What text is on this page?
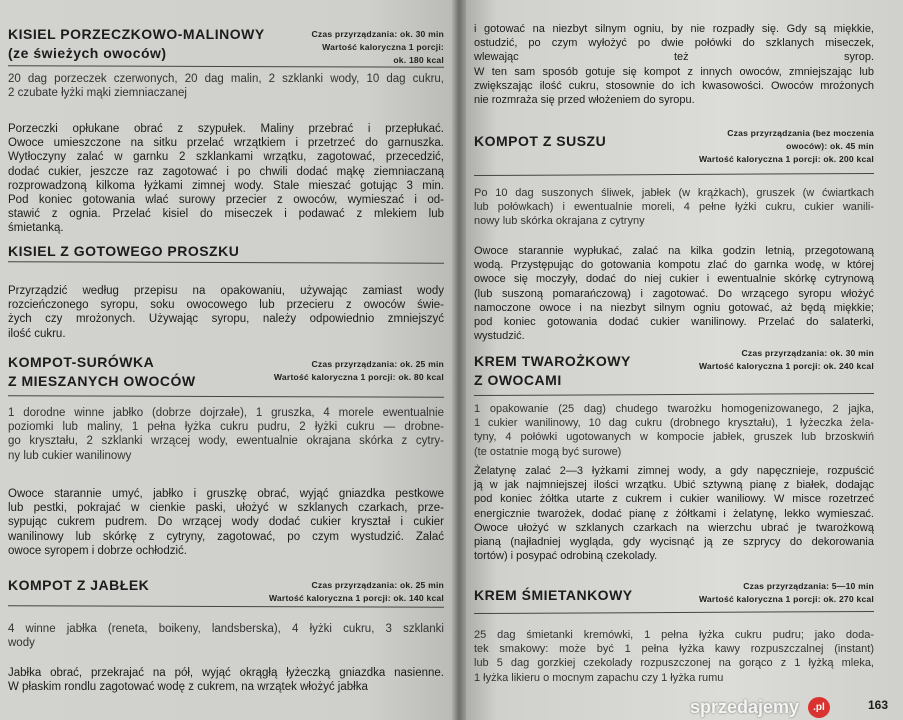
KISIEL PORZECZKOWO-MALINOWY
(ze świeżych owoców)
Czas przyrządzania: ok. 30 min
Wartość kaloryczna 1 porcji:
ok. 180 kcal
20 dag porzeczek czerwonych, 20 dag malin, 2 szklanki wody, 10 dag cukru,
2 czubate łyżki mąki ziemniaczanej
Porzeczki opłukane obrać z szypułek. Maliny przebrać i przepłukać.
Owoce umieszczone na sitku przelać wrzątkiem i przetrzeć do garnuszka.
Wytłoczyny zalać w garnku 2 szklankami wrzątku, zagotować, przecedzić,
dodać cukier, jeszcze raz zagotować i po chwili dodać mąkę ziemniaczaną
rozprowadzoną kilkoma łyżkami zimnej wody. Stale mieszać gotując 3 min.
Pod koniec gotowania wlać surowy przecier z owoców, wymieszać i od-
stawić z ognia. Przelać kisiel do miseczek i podawać z mlekiem lub
śmietanką.
KISIEL Z GOTOWEGO PROSZKU
Przyrządzić według przepisu na opakowaniu, używając zamiast wody
rozcieńczonego syropu, soku owocowego lub przecieru z owoców świe-
żych czy mrożonych. Używając syropu, należy odpowiednio zmniejszyć
ilość cukru.
KOMPOT-SURÓWKA
Z MIESZANYCH OWOCÓW
Czas przyrządzania: ok. 25 min
Wartość kaloryczna 1 porcji: ok. 80 kcal
1 dorodne winne jabłko (dobrze dojrzałe), 1 gruszka, 4 morele ewentualnie
poziomki lub maliny, 1 pełna łyżka cukru pudru, 2 łyżki cukru — drobne-
go kryształu, 2 szklanki wrzącej wody, ewentualnie okrajana skórka z cytry-
ny lub cukier wanilinowy
Owoce starannie umyć, jabłko i gruszkę obrać, wyjąć gniazdka pestkowe
lub pestki, pokrajać w cienkie paski, ułożyć w szklanych czarkach, prze-
sypując cukrem pudrem. Do wrzącej wody dodać cukier kryształ i cukier
wanilinowy lub skórkę z cytryny, zagotować, po czym wystudzić. Zalać
owoce syropem i dobrze ochłodzić.
KOMPOT Z JABŁEK	Czas przyrządzania: ok. 25 min
Wartość kaloryczna 1 porcji: ok. 140 kcal
4 winne jabłka (reneta, boikeny, landsberska), 4 łyżki cukru, 3 szklanki
wody
Jabłka obrać, przekrajać na pół, wyjąć okrągłą łyżeczką gniazdka nasienne.
W płaskim rondlu zagotować wodę z cukrem, na wrzątek włożyć jabłka
i gotować na niezbyt silnym ogniu, by nie rozpadły się. Gdy są miękkie,
ostudzić, po czym wyłożyć po dwie połówki do szklanych miseczek,
wlewając też syrop.
W ten sam sposób gotuje się kompot z innych owoców, zmniejszając lub
zwiększając ilość cukru, stosownie do ich kwasowości. Owoców mrożonych
nie rozmraża się przed włożeniem do syropu.
KOMPOT Z SUSZU	Czas przyrządzania (bez moczenia
owoców): ok. 45 min
Wartość kaloryczna 1 porcji: ok. 200 kcal
Po 10 dag suszonych śliwek, jabłek (w krążkach), gruszek (w ćwiartkach
lub połówkach) i ewentualnie moreli, 4 pełne łyżki cukru, cukier wanili-
nowy lub skórka okrajana z cytryny
Owoce starannie wypłukać, zalać na kilka godzin letnią, przegotowaną
wodą. Przystępując do gotowania kompotu zlać do garnka wodę, w której
owoce się moczyły, dodać do niej cukier i ewentualnie skórkę cytrynową
(lub suszoną pomarańczową) i zagotować. Do wrzącego syropu włożyć
namoczone owoce i na niezbyt silnym ogniu gotować, aż będą miękkie;
pod koniec gotowania dodać cukier wanilinowy. Przelać do salaterki,
wystudzić.
KREM TWAROŻKOWY
Z OWOCAMI
Czas przyrządzania: ok. 30 min
Wartość kaloryczna 1 porcji: ok. 240 kcal
1 opakowanie (25 dag) chudego twarożku homogenizowanego, 2 jajka,
1 cukier wanilinowy, 10 dag cukru (drobnego kryształu), 1 łyżeczka żela-
tyny, 4 połówki ugotowanych w kompocie jabłek, gruszek lub brzoskwiń
(te ostatnie mogą być surowe)
Żelatynę zalać 2—3 łyżkami zimnej wody, a gdy napęcznieje, rozpuścić
ją w jak najmniejszej ilości wrzątku. Ubić sztywną pianę z białek, dodając
pod koniec żółtka utarte z cukrem i cukier waniliowy. W misce rozetrzeć
energicznie twarożek, dodać pianę z żółtkami i żelatynę, lekko wymieszać.
Owoce ułożyć w szklanych czarkach na wierzchu ubrać je twarożkową
pianą (najładniej wygląda, gdy wycisnąć ją ze szprycy do dekorowania
tortów) i posypać odrobiną czekolady.
KREM ŚMIETANKOWY
Czas przyrządzania: 5—10 min
Wartość kaloryczna 1 porcji: ok. 270 kcal
25 dag śmietanki kremówki, 1 pełna łyżka cukru pudru; jako doda-
tek smakowy: może być 1 pełna łyżka kawy rozpuszczalnej (instant)
lub 5 dag gorzkiej czekolady rozpuszczonej na gorąco z 1 łyżką mleka,
1 łyżka likieru o mocnym zapachu czy 1 łyżka rumu
163
sprzedajemy	.pl
